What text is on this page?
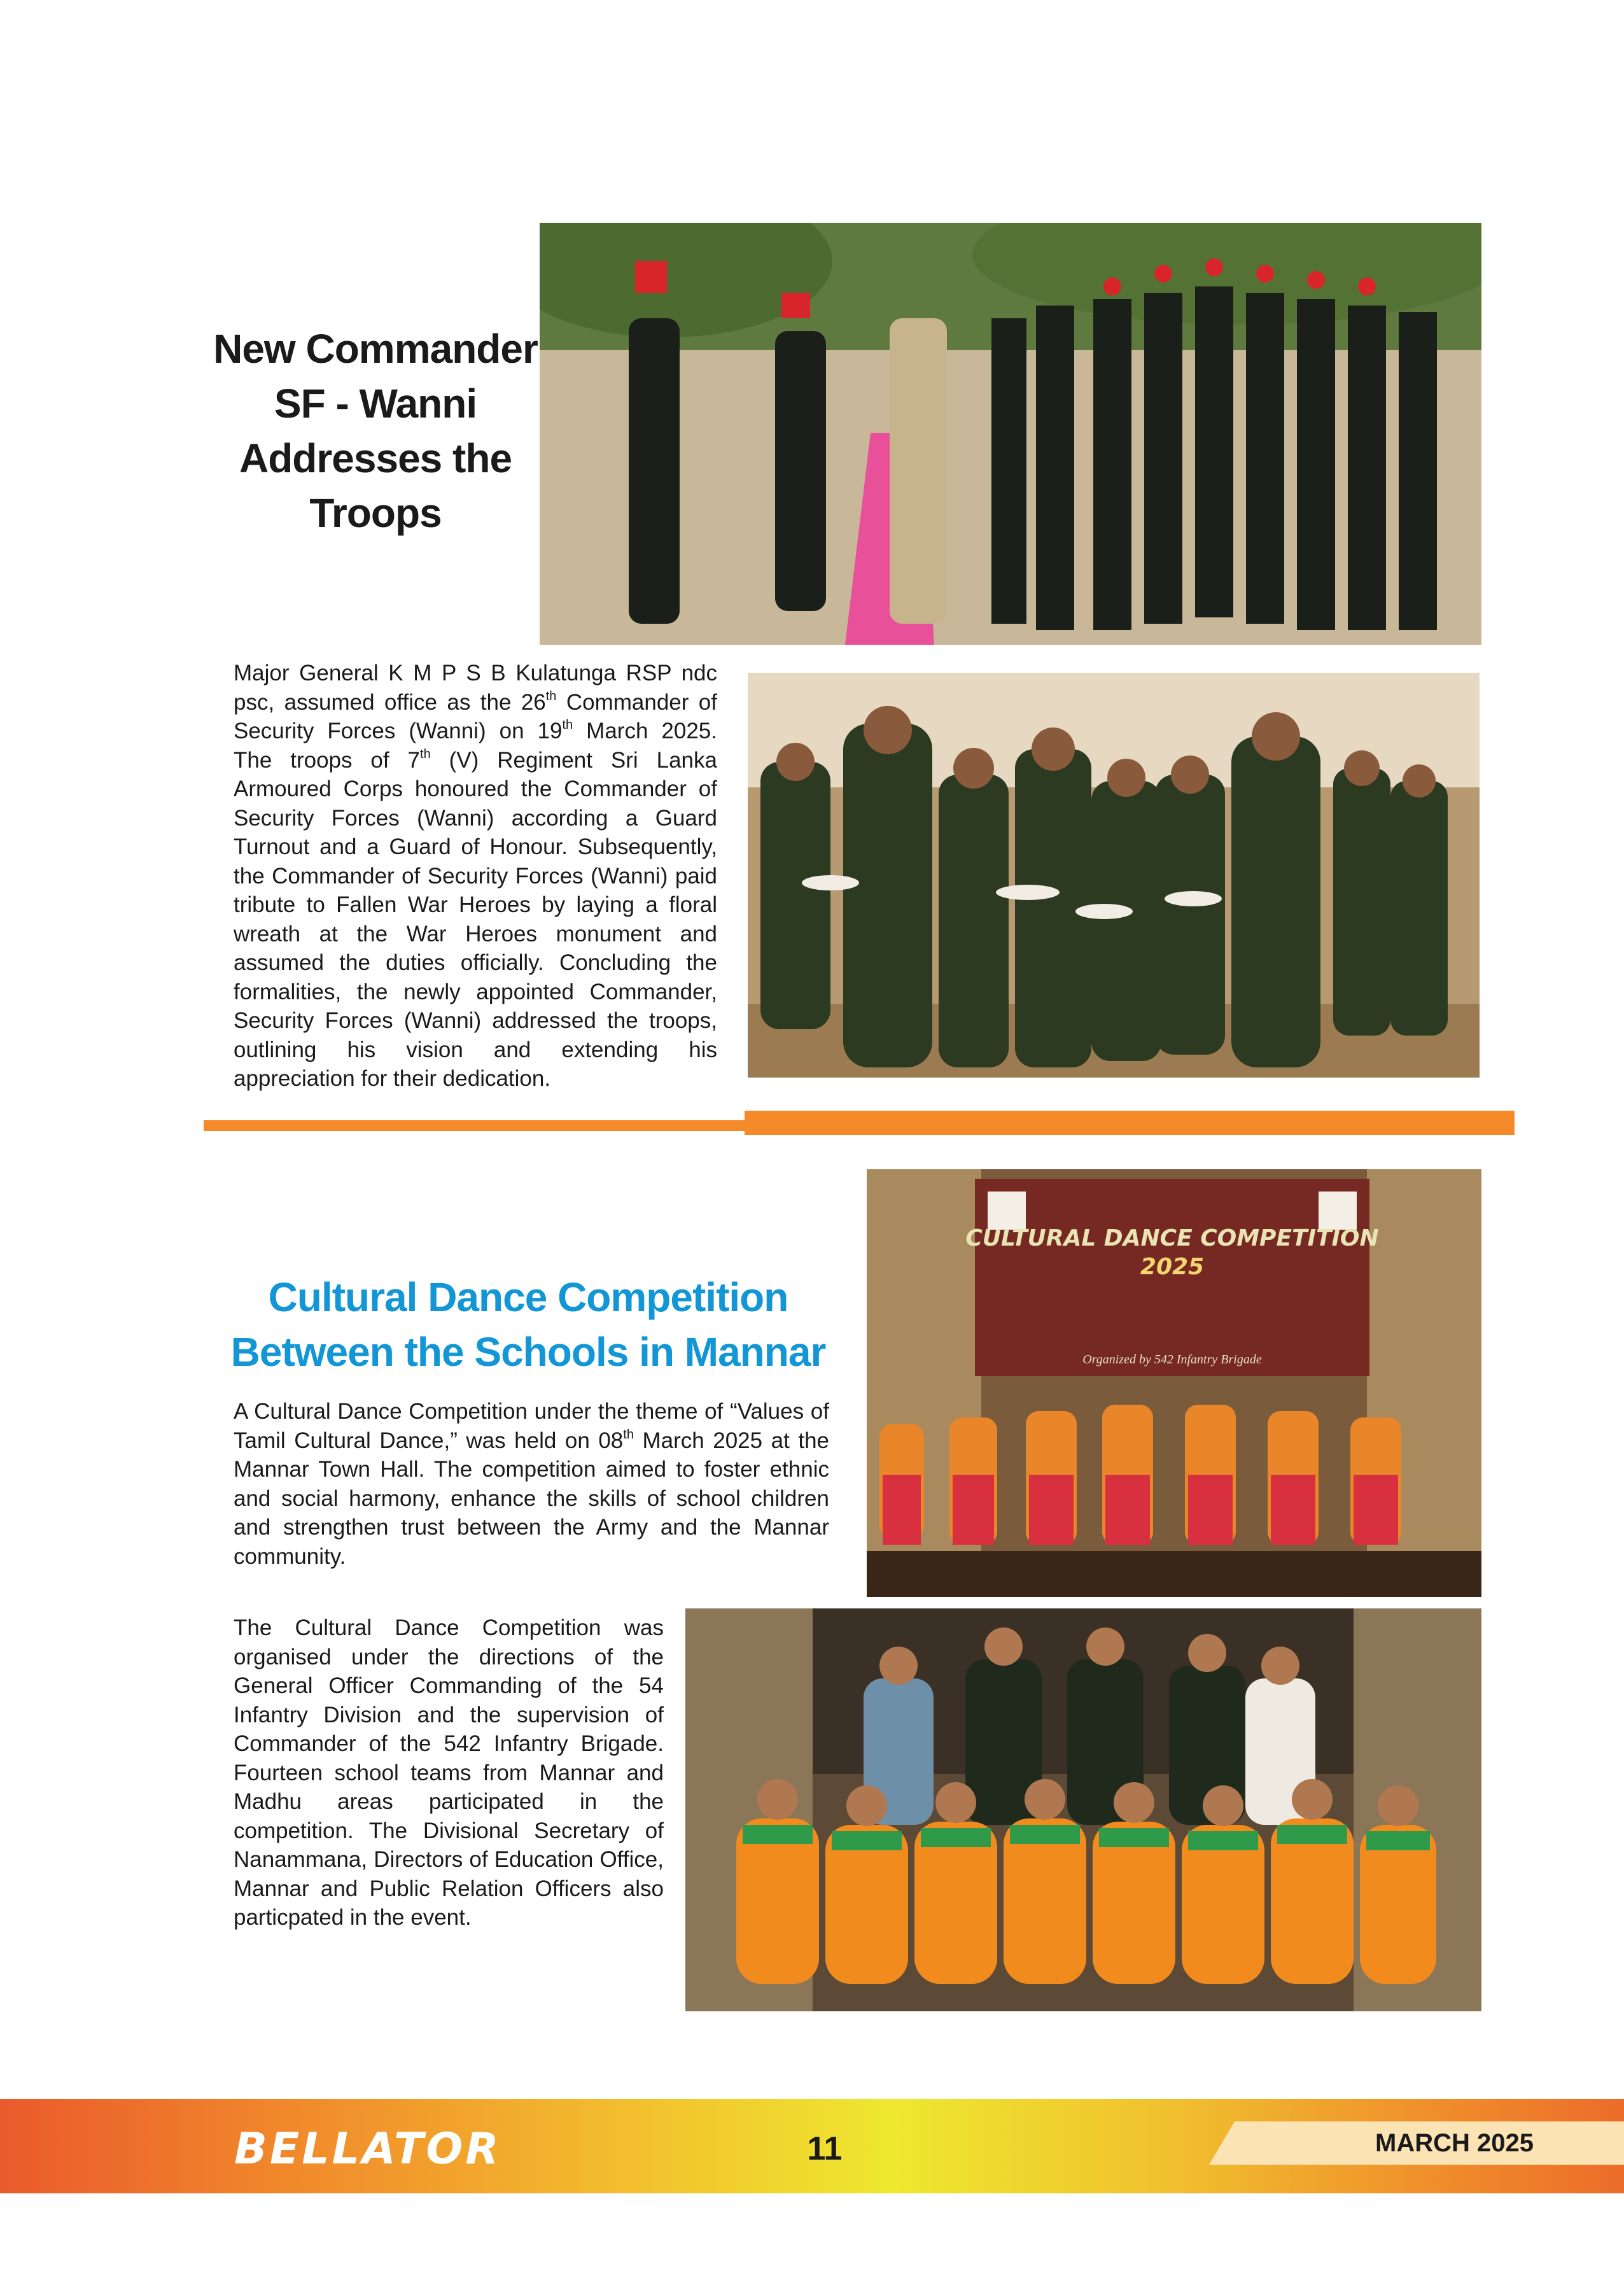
New Commander
SF - Wanni
Addresses the
Troops
Major General K M P S B Kulatunga RSP ndc psc, assumed office as the 26th Commander of Security Forces (Wanni) on 19th March 2025. The troops of 7th (V) Regiment Sri Lanka Armoured Corps honoured the Commander of Security Forces (Wanni) according a Guard Turnout and a Guard of Honour. Subsequently, the Commander of Security Forces (Wanni) paid tribute to Fallen War Heroes by laying a floral wreath at the War Heroes monument and assumed the duties officially. Concluding the formalities, the newly appointed Commander, Security Forces (Wanni) addressed the troops, outlining his vision and extending his appreciation for their dedication.
Cultural Dance Competition
Between the Schools in Mannar
CULTURAL DANCE COMPETITION
2025
Organized by 542 Infantry Brigade
A Cultural Dance Competition under the theme of “Values of Tamil Cultural Dance,” was held on 08th March 2025 at the Mannar Town Hall. The competition aimed to foster ethnic and social harmony, enhance the skills of school children and strengthen trust between the Army and the Mannar community.
The Cultural Dance Competition was organised under the directions of the General Officer Commanding of the 54 Infantry Division and the supervision of Commander of the 542 Infantry Brigade. Fourteen school teams from Mannar and Madhu areas participated in the competition. The Divisional Secretary of Nanammana, Directors of Education Office, Mannar and Public Relation Officers also particpated in the event.
BELLATOR	11	MARCH 2025
